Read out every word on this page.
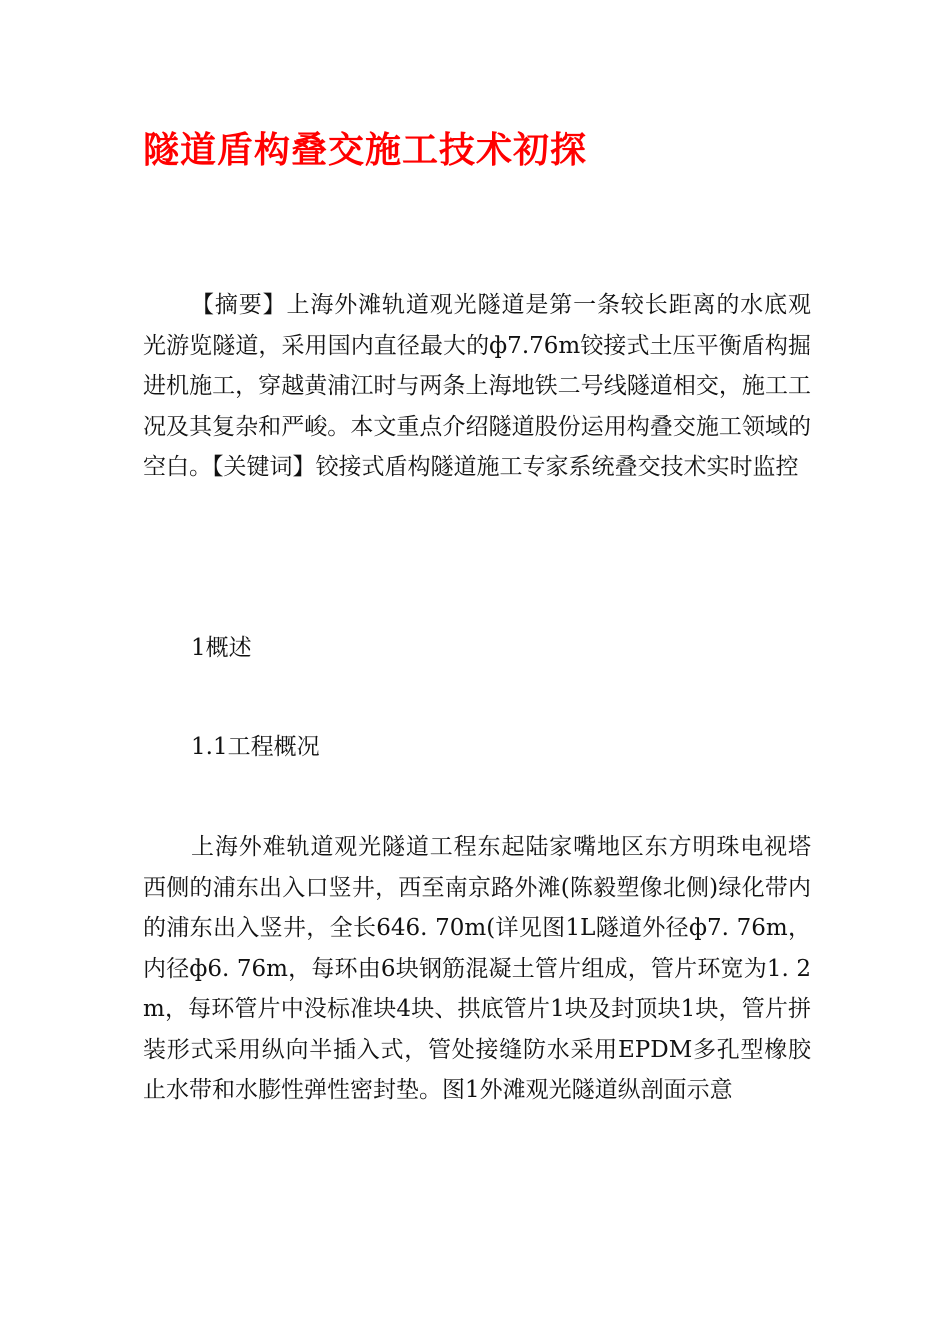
隧道盾构叠交施工技术初探

【摘要】上海外滩轨道观光隧道是第一条较长距离的水底观光游览隧道，采用国内直径最大的ф7.76m铰接式土压平衡盾构掘进机施工，穿越黄浦江时与两条上海地铁二号线隧道相交，施工工况及其复杂和严峻。本文重点介绍隧道股份运用构叠交施工领域的空白。【关键词】铰接式盾构隧道施工专家系统叠交技术实时监控

1概述

1.1工程概况

上海外难轨道观光隧道工程东起陆家嘴地区东方明珠电视塔西侧的浦东出入口竖井，西至南京路外滩(陈毅塑像北侧)绿化带内的浦东出入竖井，全长646. 70m(详见图1L隧道外径ф7. 76m，内径ф6. 76m，每环由6块钢筋混凝土管片组成，管片环宽为1. 2m，每环管片中没标准块4块、拱底管片1块及封顶块1块，管片拼装形式采用纵向半插入式，管处接缝防水采用EPDM多孔型橡胶止水带和水膨性弹性密封垫。图1外滩观光隧道纵剖面示意
